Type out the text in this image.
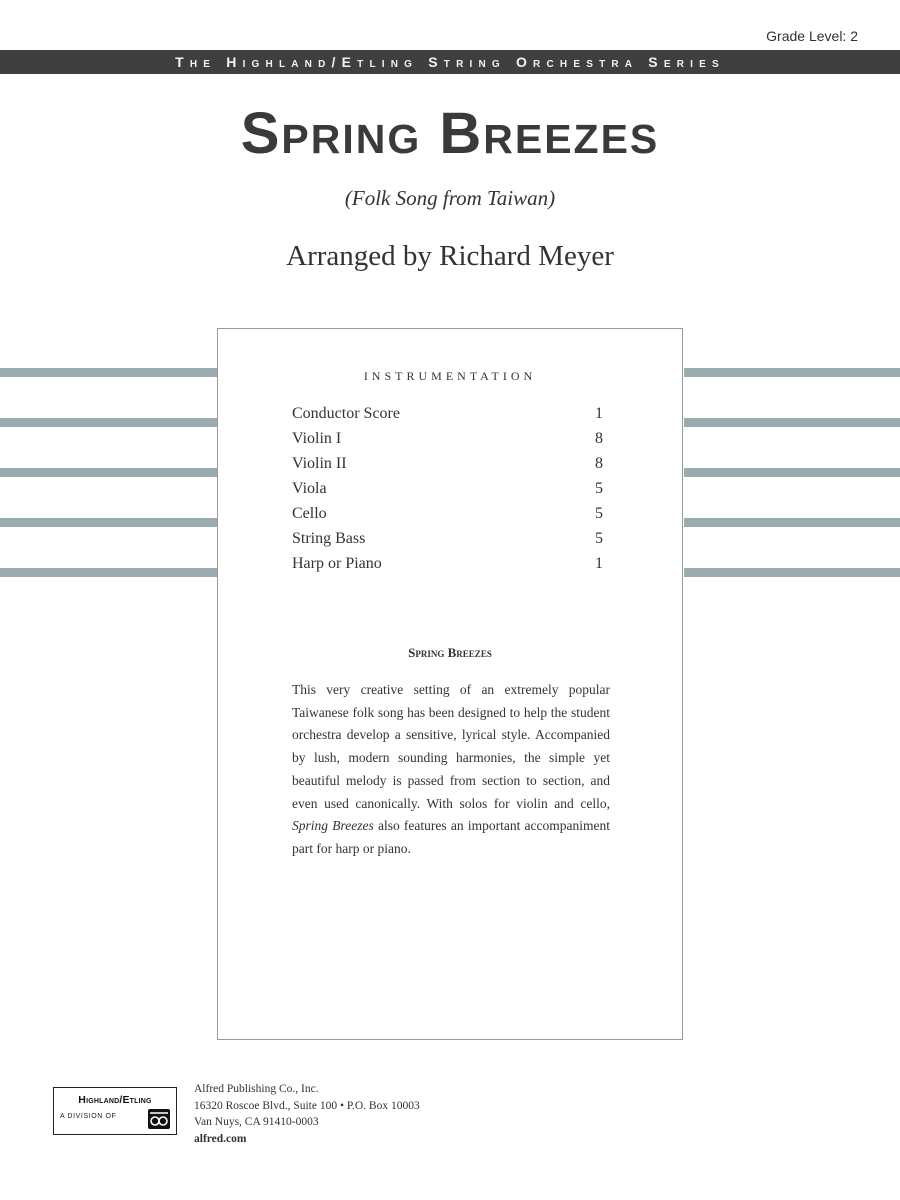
Grade Level: 2
The Highland/Etling String Orchestra Series
Spring Breezes
(Folk Song from Taiwan)
Arranged by Richard Meyer
INSTRUMENTATION
Conductor Score	1
Violin I	8
Violin II	8
Viola	5
Cello	5
String Bass	5
Harp or Piano	1
Spring Breezes

This very creative setting of an extremely popular Taiwanese folk song has been designed to help the student orchestra develop a sensitive, lyrical style. Accompanied by lush, modern sounding harmonies, the simple yet beautiful melody is passed from section to section, and even used canonically. With solos for violin and cello, Spring Breezes also features an important accompaniment part for harp or piano.

Highland/Etling
A DIVISION OF
Alfred Publishing Co., Inc.
16320 Roscoe Blvd., Suite 100 • P.O. Box 10003
Van Nuys, CA 91410-0003
alfred.com
